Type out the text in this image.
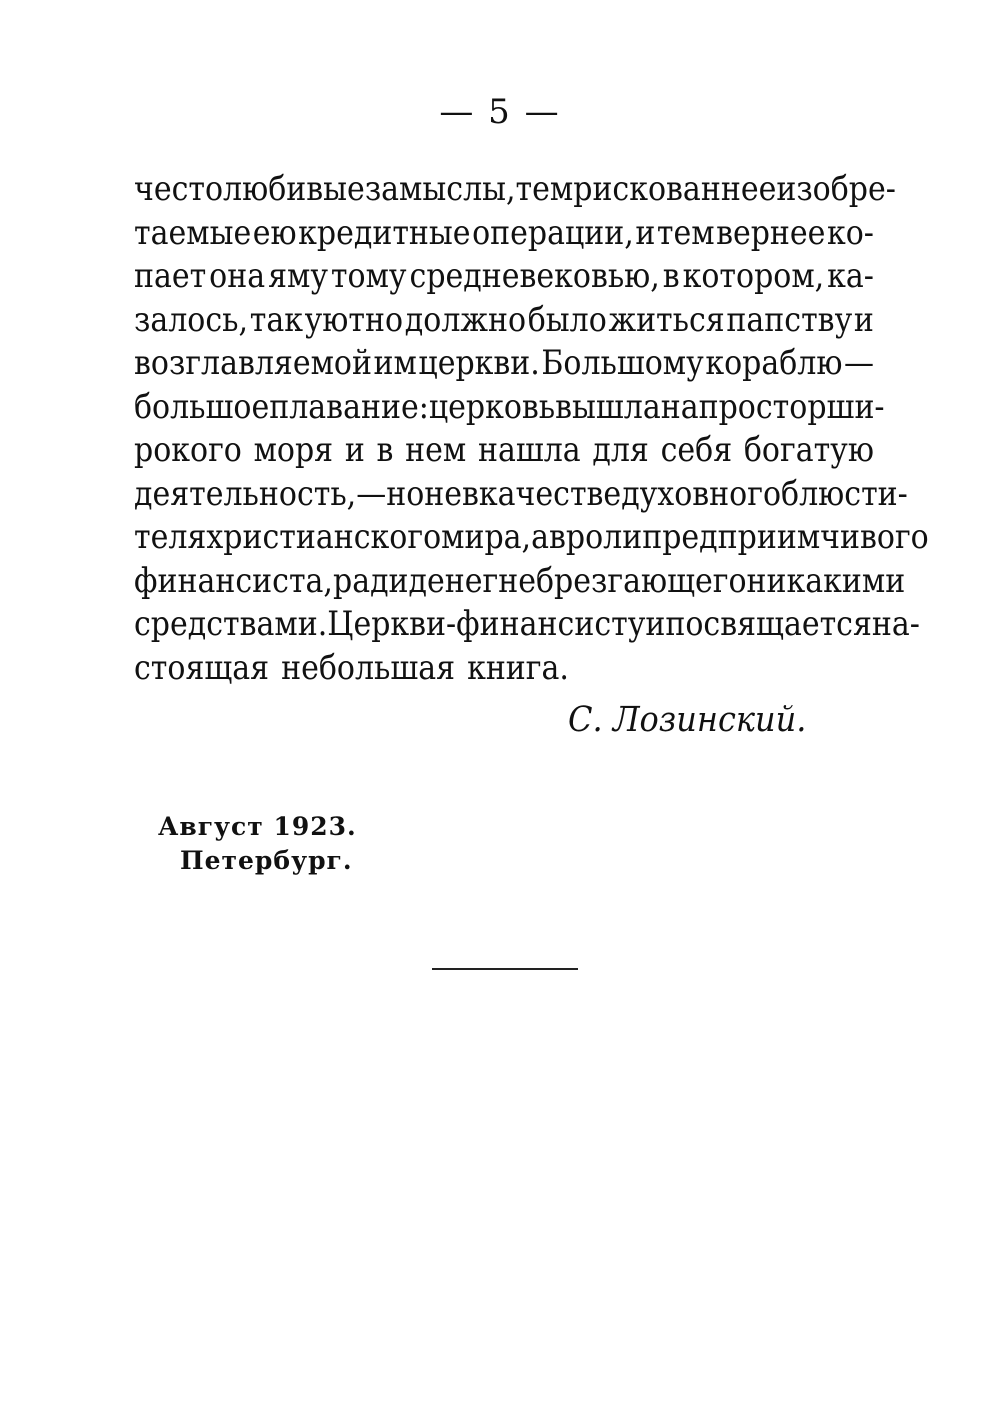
— 5 —
честолюбивые замыслы, тем рискованнее изобре-
таемые ею кредитные операции, и тем вернее ко-
пает она яму тому средневековью, в котором, ка-
залось, так уютно должно было житься папству и
возглавляемой им церкви. Большому кораблю —
большое плавание: церковь вышла на простор ши-
рокого моря и в нем нашла для себя богатую
деятельность,—но не в качестве духовного блюсти-
теля христианского мира, а в роли предприимчивого
финансиста, ради денег не брезгающего никакими
средствами. Церкви-финансисту и посвящается на-
стоящая небольшая книга.
С. Лозинский.
Август 1923.
Петербург.
